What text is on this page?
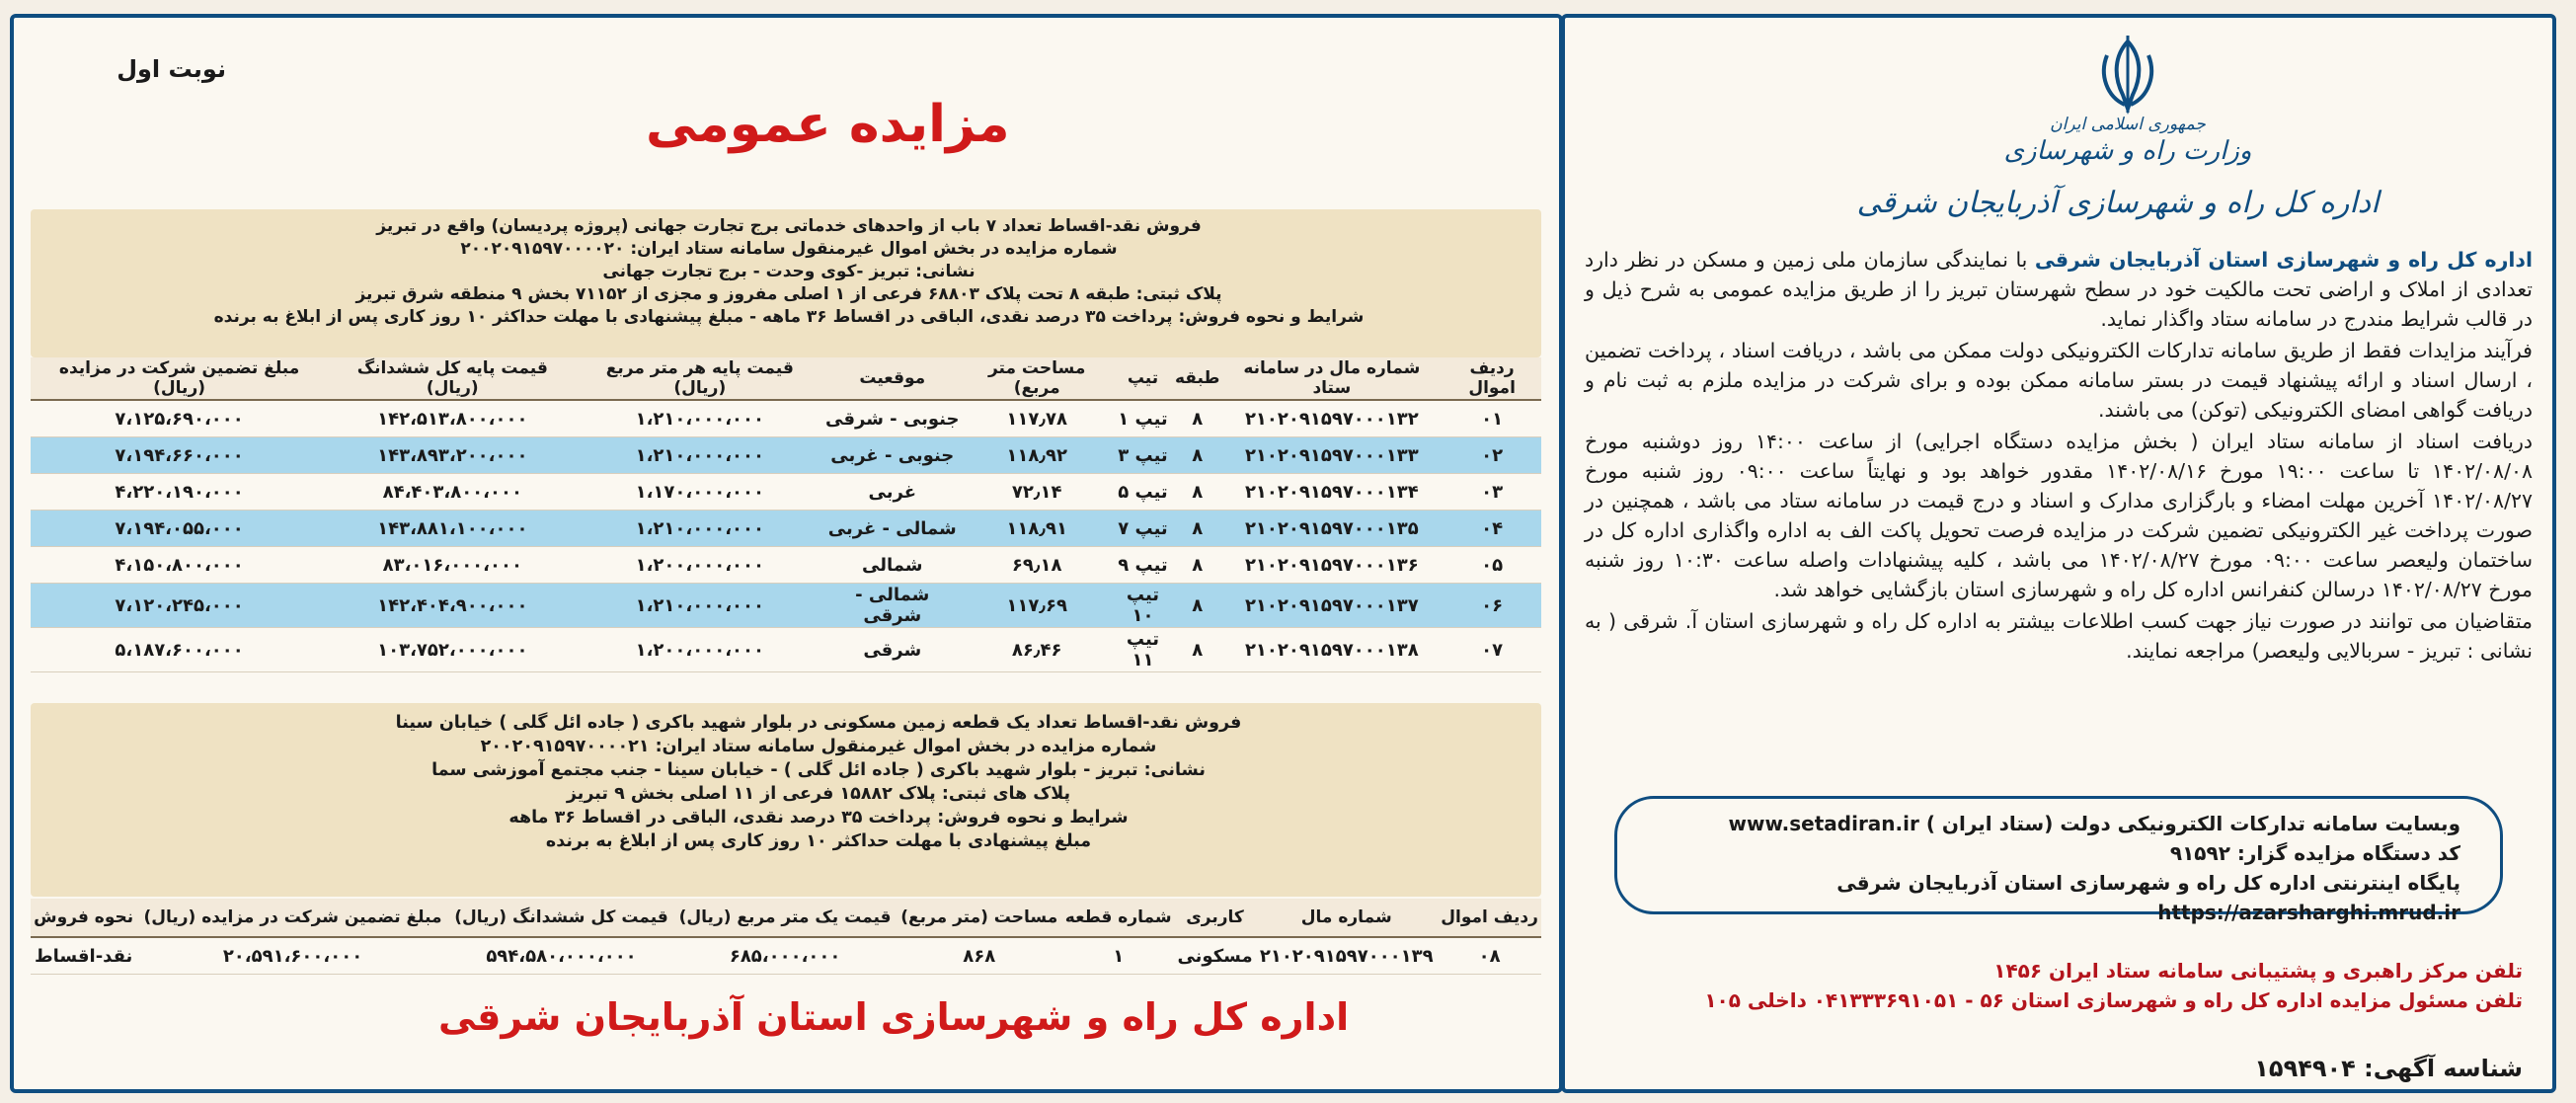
جمهوری اسلامی ایران
وزارت راه و شهرسازی
اداره کل راه و شهرسازی آذربایجان شرقی

اداره کل راه و شهرسازی استان آذربایجان شرقی با نمایندگی سازمان ملی زمین و مسکن در نظر دارد تعدادی از املاک و اراضی تحت مالکیت خود در سطح شهرستان تبریز را از طریق مزایده عمومی به شرح ذیل و در قالب شرایط مندرج در سامانه ستاد واگذار نماید.

فرآیند مزایدات فقط از طریق سامانه تدارکات الکترونیکی دولت ممکن می باشد ، دریافت اسناد ، پرداخت تضمین ، ارسال اسناد و ارائه پیشنهاد قیمت در بستر سامانه ممکن بوده و برای شرکت در مزایده ملزم به ثبت نام و دریافت گواهی امضای الکترونیکی (توکن) می باشند.

دریافت اسناد از سامانه ستاد ایران ( بخش مزایده دستگاه اجرایی) از ساعت ۱۴:۰۰ روز دوشنبه مورخ ۱۴۰۲/۰۸/۰۸ تا ساعت ۱۹:۰۰ مورخ ۱۴۰۲/۰۸/۱۶ مقدور خواهد بود و نهایتاً ساعت ۰۹:۰۰ روز شنبه مورخ ۱۴۰۲/۰۸/۲۷ آخرین مهلت امضاء و بارگزاری مدارک و اسناد و درج قیمت در سامانه ستاد می باشد ، همچنین در صورت پرداخت غیر الکترونیکی تضمین شرکت در مزایده فرصت تحویل پاکت الف به اداره واگذاری اداره کل در ساختمان ولیعصر ساعت ۰۹:۰۰ مورخ ۱۴۰۲/۰۸/۲۷ می باشد ، کلیه پیشنهادات واصله ساعت ۱۰:۳۰ روز شنبه مورخ ۱۴۰۲/۰۸/۲۷ درسالن کنفرانس اداره کل راه و شهرسازی استان بازگشایی خواهد شد.

متقاضیان می توانند در صورت نیاز جهت کسب اطلاعات بیشتر به اداره کل راه و شهرسازی استان آ. شرقی ( به نشانی : تبریز - سربالایی ولیعصر) مراجعه نمایند.

وبسایت سامانه تدارکات الکترونیکی دولت (ستاد ایران ) www.setadiran.ir
کد دستگاه مزایده گزار: ۹۱۵۹۲
پایگاه اینترنتی اداره کل راه و شهرسازی استان آذربایجان شرقی https://azarsharghi.mrud.ir
تلفن مرکز راهبری و پشتیبانی سامانه ستاد ایران ۱۴۵۶
تلفن مسئول مزایده اداره کل راه و شهرسازی استان ۵۶ - ۰۴۱۳۳۳۶۹۱۰۵۱ داخلی ۱۰۵
شناسه آگهی: ۱۵۹۴۹۰۴
نوبت اول
مزایده عمومی
فروش نقد-اقساط تعداد ۷ باب از واحدهای خدماتی برج تجارت جهانی (پروژه پردیسان) واقع در تبریز
شماره مزایده در بخش اموال غیرمنقول سامانه ستاد ایران: ۲۰۰۲۰۹۱۵۹۷۰۰۰۰۲۰
نشانی: تبریز -کوی وحدت - برج تجارت جهانی
پلاک ثبتی: طبقه ۸ تحت پلاک ۶۸۸۰۳ فرعی از ۱ اصلی مفروز و مجزی از ۷۱۱۵۲ بخش ۹ منطقه شرق تبریز
شرایط و نحوه فروش: پرداخت ۳۵ درصد نقدی، الباقی در اقساط ۳۶ ماهه - مبلغ پیشنهادی با مهلت حداکثر ۱۰ روز کاری پس از ابلاغ به برنده
ردیف اموال	شماره مال در سامانه ستاد	طبقه	تیپ	مساحت متر مربع)	موقعیت	قیمت پایه هر متر مربع (ریال)	قیمت پایه کل ششدانگ (ریال)	مبلغ تضمین شرکت در مزایده (ریال)
۰۱	۲۱۰۲۰۹۱۵۹۷۰۰۰۱۳۲	۸	تیپ ۱	۱۱۷٫۷۸	جنوبی - شرقی	۱،۲۱۰،۰۰۰،۰۰۰	۱۴۲،۵۱۳،۸۰۰،۰۰۰	۷،۱۲۵،۶۹۰،۰۰۰
۰۲	۲۱۰۲۰۹۱۵۹۷۰۰۰۱۳۳	۸	تیپ ۳	۱۱۸٫۹۲	جنوبی - غربی	۱،۲۱۰،۰۰۰،۰۰۰	۱۴۳،۸۹۳،۲۰۰،۰۰۰	۷،۱۹۴،۶۶۰،۰۰۰
۰۳	۲۱۰۲۰۹۱۵۹۷۰۰۰۱۳۴	۸	تیپ ۵	۷۲٫۱۴	غربی	۱،۱۷۰،۰۰۰،۰۰۰	۸۴،۴۰۳،۸۰۰،۰۰۰	۴،۲۲۰،۱۹۰،۰۰۰
۰۴	۲۱۰۲۰۹۱۵۹۷۰۰۰۱۳۵	۸	تیپ ۷	۱۱۸٫۹۱	شمالی - غربی	۱،۲۱۰،۰۰۰،۰۰۰	۱۴۳،۸۸۱،۱۰۰،۰۰۰	۷،۱۹۴،۰۵۵،۰۰۰
۰۵	۲۱۰۲۰۹۱۵۹۷۰۰۰۱۳۶	۸	تیپ ۹	۶۹٫۱۸	شمالی	۱،۲۰۰،۰۰۰،۰۰۰	۸۳،۰۱۶،۰۰۰،۰۰۰	۴،۱۵۰،۸۰۰،۰۰۰
۰۶	۲۱۰۲۰۹۱۵۹۷۰۰۰۱۳۷	۸	تیپ ۱۰	۱۱۷٫۶۹	شمالی - شرقی	۱،۲۱۰،۰۰۰،۰۰۰	۱۴۲،۴۰۴،۹۰۰،۰۰۰	۷،۱۲۰،۲۴۵،۰۰۰
۰۷	۲۱۰۲۰۹۱۵۹۷۰۰۰۱۳۸	۸	تیپ ۱۱	۸۶٫۴۶	شرقی	۱،۲۰۰،۰۰۰،۰۰۰	۱۰۳،۷۵۲،۰۰۰،۰۰۰	۵،۱۸۷،۶۰۰،۰۰۰
فروش نقد-اقساط تعداد یک قطعه زمین مسکونی در بلوار شهید باکری ( جاده ائل گلی ) خیابان سینا
شماره مزایده در بخش اموال غیرمنقول سامانه ستاد ایران: ۲۰۰۲۰۹۱۵۹۷۰۰۰۰۲۱
نشانی: تبریز - بلوار شهید باکری ( جاده ائل گلی ) - خیابان سینا - جنب مجتمع آموزشی سما
پلاک های ثبتی: پلاک ۱۵۸۸۲ فرعی از ۱۱ اصلی بخش ۹ تبریز
شرایط و نحوه فروش: پرداخت ۳۵ درصد نقدی، الباقی در اقساط ۳۶ ماهه
مبلغ پیشنهادی با مهلت حداکثر ۱۰ روز کاری پس از ابلاغ به برنده
ردیف اموال	شماره مال	کاربری	شماره قطعه	مساحت (متر مربع)	قیمت یک متر مربع (ریال)	قیمت کل ششدانگ (ریال)	مبلغ تضمین شرکت در مزایده (ریال)	نحوه فروش
۰۸	۲۱۰۲۰۹۱۵۹۷۰۰۰۱۳۹	مسکونی	۱	۸۶۸	۶۸۵،۰۰۰،۰۰۰	۵۹۴،۵۸۰،۰۰۰،۰۰۰	۲۰،۵۹۱،۶۰۰،۰۰۰	نقد-اقساط
اداره کل راه و شهرسازی استان آذربایجان شرقی
